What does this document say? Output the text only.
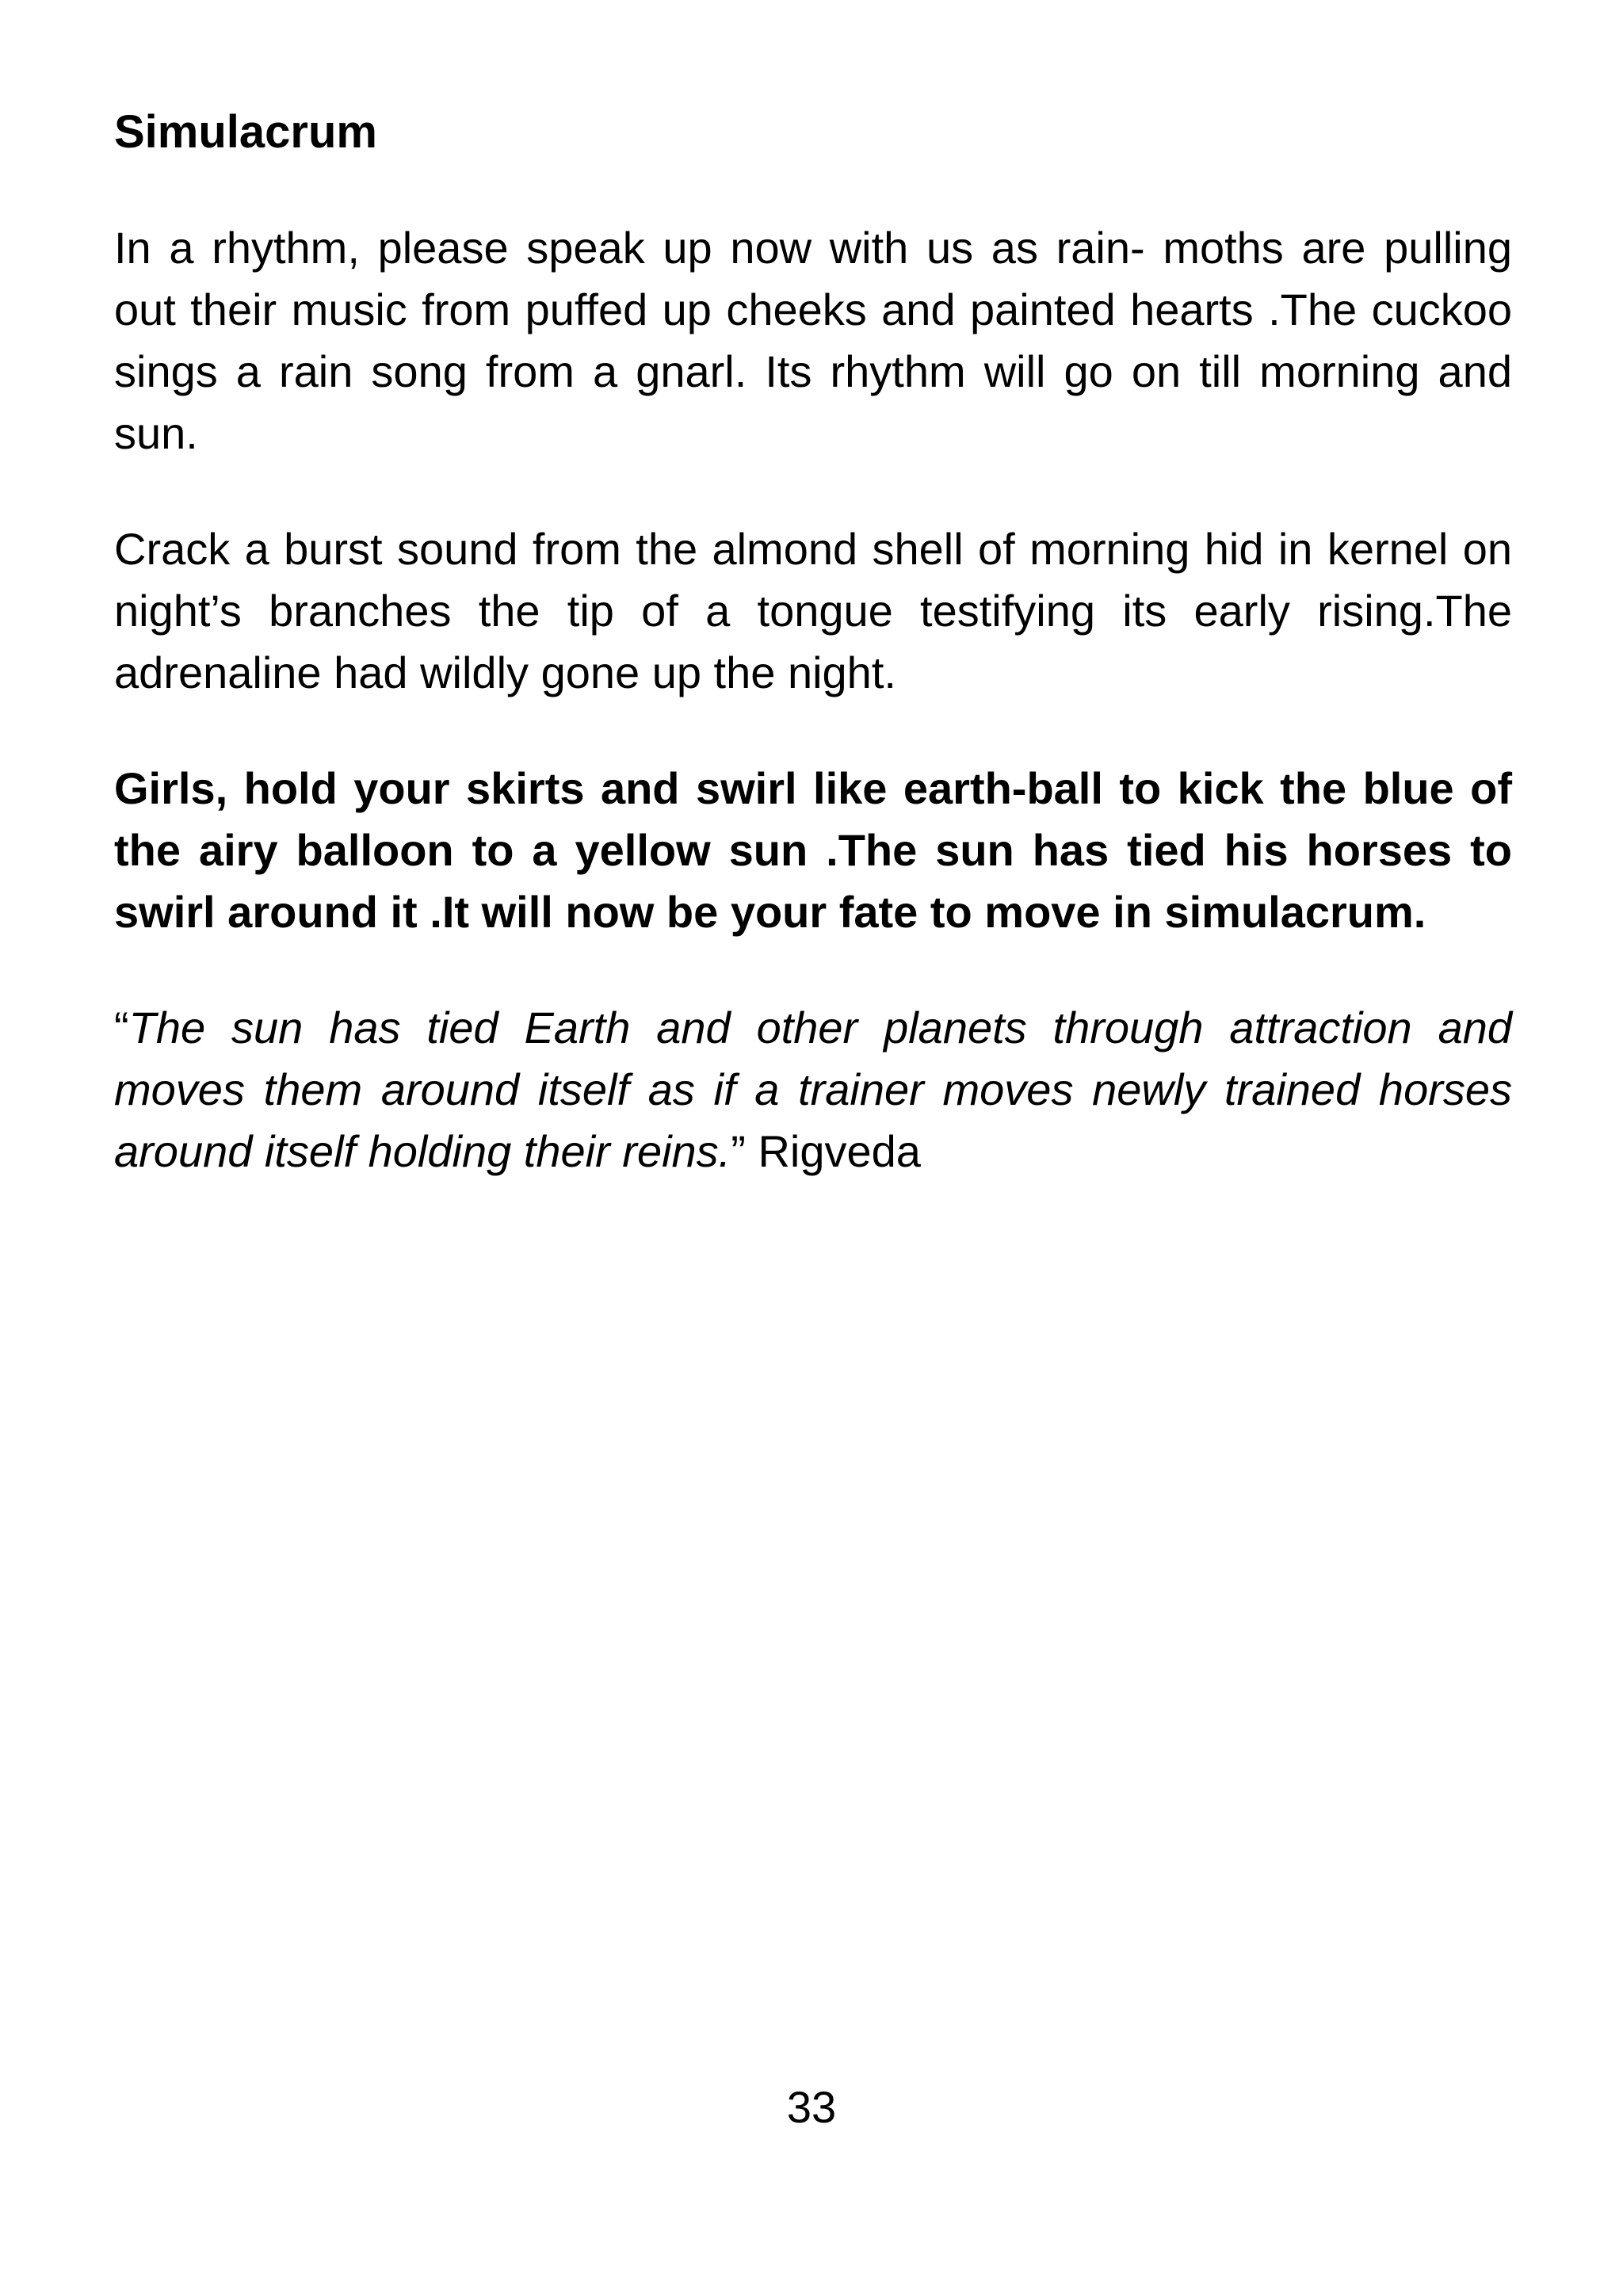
Simulacrum

In a rhythm, please speak up now with us as rain- moths are pulling out their music from puffed up cheeks and painted hearts .The cuckoo sings a rain song from a gnarl. Its rhythm will go on till morning and sun.

Crack a burst sound from the almond shell of morning hid in kernel on night’s branches the tip of a tongue testifying its early rising.The adrenaline had wildly gone up the night.

Girls, hold your skirts and swirl like earth-ball to kick the blue of the airy balloon to a yellow sun .The sun has tied his horses to swirl around it .It will now be your fate to move in simulacrum.

“The sun has tied Earth and other planets through attraction and moves them around itself as if a trainer moves newly trained horses around itself holding their reins.” Rigveda

33
